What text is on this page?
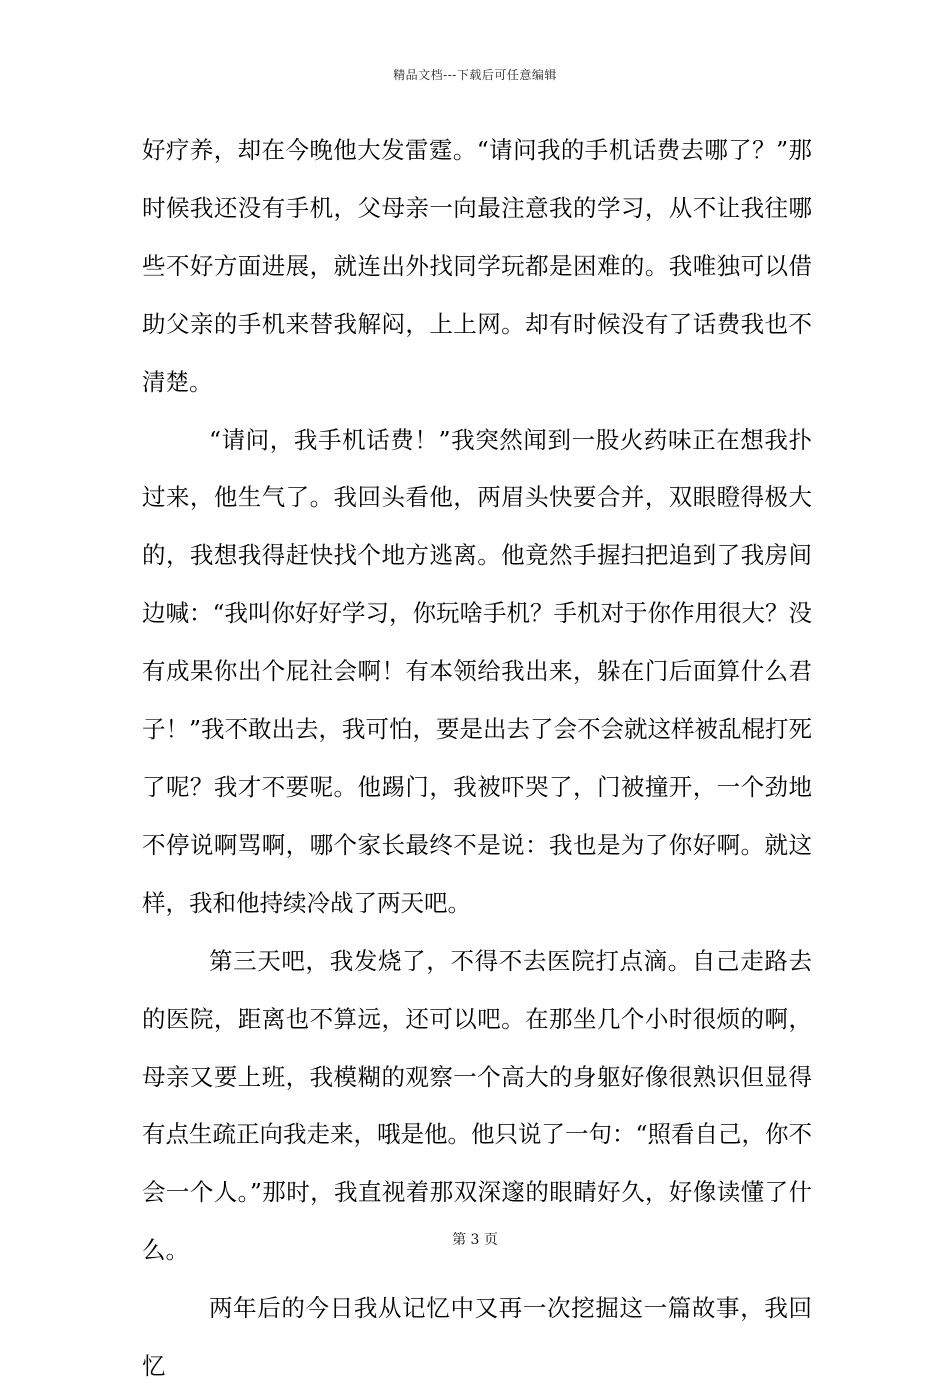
精品文档---下载后可任意编辑

好疗养，却在今晚他大发雷霆。“请问我的手机话费去哪了？”那时候我还没有手机，父母亲一向最注意我的学习，从不让我往哪些不好方面进展，就连出外找同学玩都是困难的。我唯独可以借助父亲的手机来替我解闷，上上网。却有时候没有了话费我也不清楚。

“请问，我手机话费！”我突然闻到一股火药味正在想我扑过来，他生气了。我回头看他，两眉头快要合并，双眼瞪得极大的，我想我得赶快找个地方逃离。他竟然手握扫把追到了我房间边喊：“我叫你好好学习，你玩啥手机？手机对于你作用很大？没有成果你出个屁社会啊！有本领给我出来，躲在门后面算什么君子！”我不敢出去，我可怕，要是出去了会不会就这样被乱棍打死了呢？我才不要呢。他踢门，我被吓哭了，门被撞开，一个劲地不停说啊骂啊，哪个家长最终不是说：我也是为了你好啊。就这样，我和他持续冷战了两天吧。

第三天吧，我发烧了，不得不去医院打点滴。自己走路去的医院，距离也不算远，还可以吧。在那坐几个小时很烦的啊，母亲又要上班，我模糊的观察一个高大的身躯好像很熟识但显得有点生疏正向我走来，哦是他。他只说了一句：“照看自己，你不会一个人。”那时，我直视着那双深邃的眼睛好久，好像读懂了什么。

两年后的今日我从记忆中又再一次挖掘这一篇故事，我回忆

第 3 页
